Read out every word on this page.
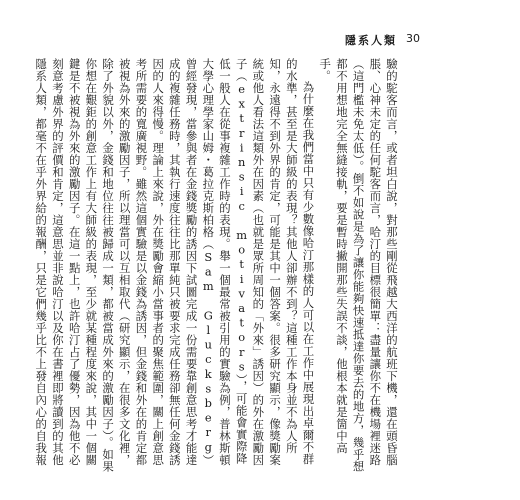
隱系人類 30

驗的駝客而言，或者坦白說，對那些剛從飛越大西洋的航班下機，還在頭昏腦脹、心神未定的任何駝客而言，哈汀的目標很簡單：盡量讓你不在機場裡迷路（這門檻未免太低）。倒不如說是為了讓你能夠快速抵達你要去的地方，幾乎想都不用想地完全無縫接軌，要是暫時撇開那些失誤不談，他根本就是箇中高手。

為什麼在我們當中只有少數像哈汀那樣的人可以在工作中展現出卓爾不群的水準，甚至是大師級的表現？其他人卻辦不到？這種工作本身並不為人所知，永遠得不到外界的肯定，可能是其中一個答案。很多研究顯示，像獎勵案統或他人看法這類外在因素（也就是眾所周知的「外來」誘因）的外在激勵因子（extrinsic motivators），可能會實際降低一般人在從事複雜工作時的表現。舉一個最常被引用的實驗為例，普林斯頓大學心理學家山姆・葛拉克斯柏格（Sam Glucksberg）曾經發現，當參與者在金錢獎勵的誘因下試圖完成一份需要靠創意思考才能達成的複雜任務時，其執行速度往往比那單純只被要求完成任務卻無任何金錢誘因的人來得慢。理論上來說，外在獎勵會縮小當事者的聚焦範圍，關上創意思考所需要的寬廣視野。雖然這個實驗是以金錢為誘因，但金錢和外在的肯定都被視為外來的激勵因子，所以理當可以互相取代（研究顯示，在很多文化裡，除了外貌以外，金錢和地位往往被歸成一類，都被當成外來的激勵因子）。如果你想在艱鉅的創意工作上有大師級的表現，至少就某種程度來說，其中一個關鍵是不被視為外來的激勵因子。在這一點上，也許哈汀占了優勢，因為他不必刻意考慮外界的評價和肯定，這意思並非說哈汀以及你在書裡即將讀到的其他隱系人類，都毫不在乎外界給的報酬，只是它們幾乎比不上發自內心的自我報
